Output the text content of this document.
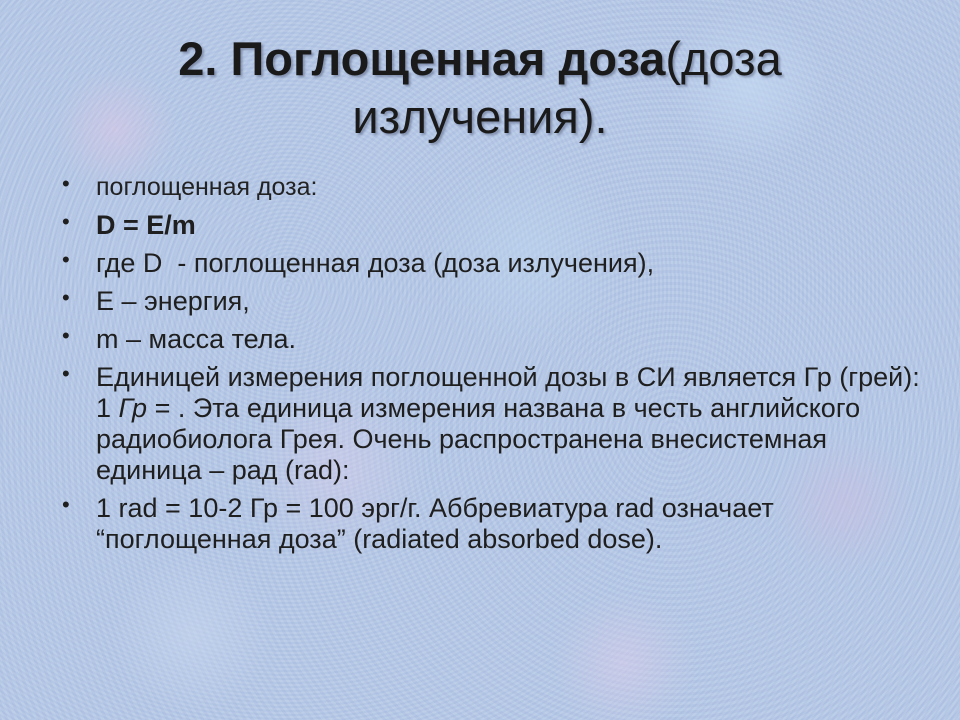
2. Поглощенная доза(доза излучения).
• поглощенная доза:
• D = E/m
• где D  - поглощенная доза (доза излучения),
• Е – энергия,
• m – масса тела.
• Единицей измерения поглощенной дозы в СИ является Гр (грей): 1 Гр = . Эта единица измерения названа в честь английского радиобиолога Грея. Очень распространена внесистемная единица – рад (rad):
• 1 rad = 10-2 Гр = 100 эрг/г. Аббревиатура rad означает “поглощенная доза” (radiated absorbed dose).
